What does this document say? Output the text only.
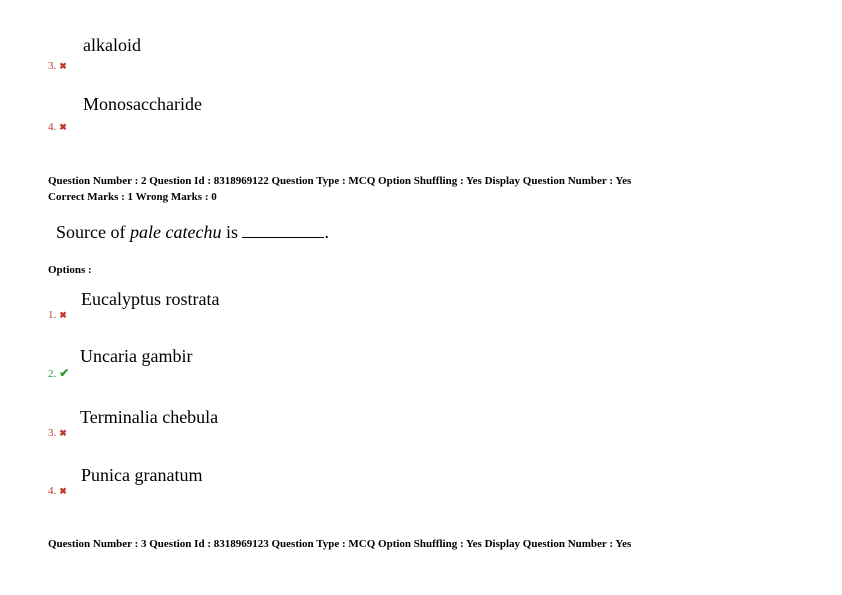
alkaloid
3. ✖
Monosaccharide
4. ✖
Question Number : 2 Question Id : 8318969122 Question Type : MCQ Option Shuffling : Yes Display Question Number : Yes
Correct Marks : 1 Wrong Marks : 0
Source of pale catechu is	.
Options :
Eucalyptus rostrata
1. ✖
Uncaria gambir
2. ✔
Terminalia chebula
3. ✖
Punica granatum
4. ✖
Question Number : 3 Question Id : 8318969123 Question Type : MCQ Option Shuffling : Yes Display Question Number : Yes
